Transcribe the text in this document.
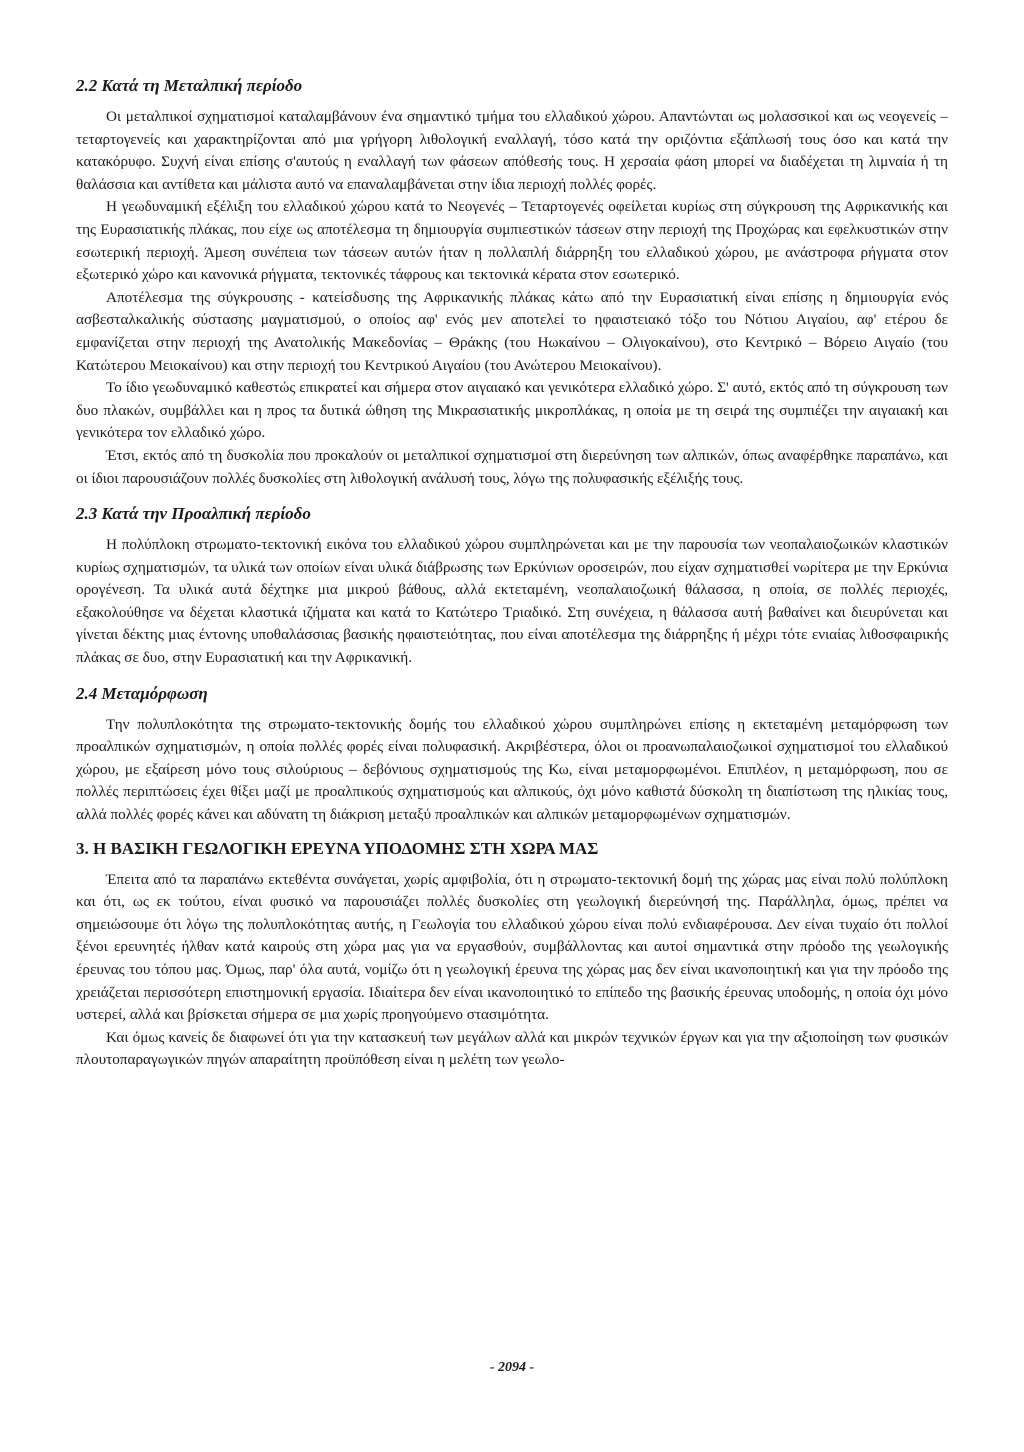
2.2 Κατά τη Μεταλπική περίοδο

Οι μεταλπικοί σχηματισμοί καταλαμβάνουν ένα σημαντικό τμήμα του ελλαδικού χώρου. Απαντώνται ως μολασσικοί και ως νεογενείς – τεταρτογενείς και χαρακτηρίζονται από μια γρήγορη λιθολογική εναλλαγή, τόσο κατά την οριζόντια εξάπλωσή τους όσο και κατά την κατακόρυφο. Συχνή είναι επίσης σ'αυτούς η εναλλαγή των φάσεων απόθεσής τους. Η χερσαία φάση μπορεί να διαδέχεται τη λιμναία ή τη θαλάσσια και αντίθετα και μάλιστα αυτό να επαναλαμβάνεται στην ίδια περιοχή πολλές φορές.

Η γεωδυναμική εξέλιξη του ελλαδικού χώρου κατά το Νεογενές – Τεταρτογενές οφείλεται κυρίως στη σύγκρουση της Αφρικανικής και της Ευρασιατικής πλάκας, που είχε ως αποτέλεσμα τη δημιουργία συμπιεστικών τάσεων στην περιοχή της Προχώρας και εφελκυστικών στην εσωτερική περιοχή. Άμεση συνέπεια των τάσεων αυτών ήταν η πολλαπλή διάρρηξη του ελλαδικού χώρου, με ανάστροφα ρήγματα στον εξωτερικό χώρο και κανονικά ρήγματα, τεκτονικές τάφρους και τεκτονικά κέρατα στον εσωτερικό.

Αποτέλεσμα της σύγκρουσης - κατείσδυσης της Αφρικανικής πλάκας κάτω από την Ευρασιατική είναι επίσης η δημιουργία ενός ασβεσταλκαλικής σύστασης μαγματισμού, ο οποίος αφ' ενός μεν αποτελεί το ηφαιστειακό τόξο του Νότιου Αιγαίου, αφ' ετέρου δε εμφανίζεται στην περιοχή της Ανατολικής Μακεδονίας – Θράκης (του Ηωκαίνου – Ολιγοκαίνου), στο Κεντρικό – Βόρειο Αιγαίο (του Κατώτερου Μειοκαίνου) και στην περιοχή του Κεντρικού Αιγαίου (του Ανώτερου Μειοκαίνου).

Το ίδιο γεωδυναμικό καθεστώς επικρατεί και σήμερα στον αιγαιακό και γενικότερα ελλαδικό χώρο. Σ' αυτό, εκτός από τη σύγκρουση των δυο πλακών, συμβάλλει και η προς τα δυτικά ώθηση της Μικρασιατικής μικροπλάκας, η οποία με τη σειρά της συμπιέζει την αιγαιακή και γενικότερα τον ελλαδικό χώρο.

Έτσι, εκτός από τη δυσκολία που προκαλούν οι μεταλπικοί σχηματισμοί στη διερεύνηση των αλπικών, όπως αναφέρθηκε παραπάνω, και οι ίδιοι παρουσιάζουν πολλές δυσκολίες στη λιθολογική ανάλυσή τους, λόγω της πολυφασικής εξέλιξής τους.

2.3 Κατά την Προαλπική περίοδο

Η πολύπλοκη στρωματο-τεκτονική εικόνα του ελλαδικού χώρου συμπληρώνεται και με την παρουσία των νεοπαλαιοζωικών κλαστικών κυρίως σχηματισμών, τα υλικά των οποίων είναι υλικά διάβρωσης των Ερκύνιων οροσειρών, που είχαν σχηματισθεί νωρίτερα με την Ερκύνια ορογένεση. Τα υλικά αυτά δέχτηκε μια μικρού βάθους, αλλά εκτεταμένη, νεοπαλαιοζωική θάλασσα, η οποία, σε πολλές περιοχές, εξακολούθησε να δέχεται κλαστικά ιζήματα και κατά το Κατώτερο Τριαδικό. Στη συνέχεια, η θάλασσα αυτή βαθαίνει και διευρύνεται και γίνεται δέκτης μιας έντονης υποθαλάσσιας βασικής ηφαιστειότητας, που είναι αποτέλεσμα της διάρρηξης ή μέχρι τότε ενιαίας λιθοσφαιρικής πλάκας σε δυο, στην Ευρασιατική και την Αφρικανική.

2.4 Μεταμόρφωση

Την πολυπλοκότητα της στρωματο-τεκτονικής δομής του ελλαδικού χώρου συμπληρώνει επίσης η εκτεταμένη μεταμόρφωση των προαλπικών σχηματισμών, η οποία πολλές φορές είναι πολυφασική. Ακριβέστερα, όλοι οι προανωπαλαιοζωικοί σχηματισμοί του ελλαδικού χώρου, με εξαίρεση μόνο τους σιλούριους – δεβόνιους σχηματισμούς της Κω, είναι μεταμορφωμένοι. Επιπλέον, η μεταμόρφωση, που σε πολλές περιπτώσεις έχει θίξει μαζί με προαλπικούς σχηματισμούς και αλπικούς, όχι μόνο καθιστά δύσκολη τη διαπίστωση της ηλικίας τους, αλλά πολλές φορές κάνει και αδύνατη τη διάκριση μεταξύ προαλπικών και αλπικών μεταμορφωμένων σχηματισμών.

3. Η ΒΑΣΙΚΗ ΓΕΩΛΟΓΙΚΗ ΕΡΕΥΝΑ ΥΠΟΔΟΜΗΣ ΣΤΗ ΧΩΡΑ ΜΑΣ

Έπειτα από τα παραπάνω εκτεθέντα συνάγεται, χωρίς αμφιβολία, ότι η στρωματο-τεκτονική δομή της χώρας μας είναι πολύ πολύπλοκη και ότι, ως εκ τούτου, είναι φυσικό να παρουσιάζει πολλές δυσκολίες στη γεωλογική διερεύνησή της. Παράλληλα, όμως, πρέπει να σημειώσουμε ότι λόγω της πολυπλοκότητας αυτής, η Γεωλογία του ελλαδικού χώρου είναι πολύ ενδιαφέρουσα. Δεν είναι τυχαίο ότι πολλοί ξένοι ερευνητές ήλθαν κατά καιρούς στη χώρα μας για να εργασθούν, συμβάλλοντας και αυτοί σημαντικά στην πρόοδο της γεωλογικής έρευνας του τόπου μας. Όμως, παρ' όλα αυτά, νομίζω ότι η γεωλογική έρευνα της χώρας μας δεν είναι ικανοποιητική και για την πρόοδο της χρειάζεται περισσότερη επιστημονική εργασία. Ιδιαίτερα δεν είναι ικανοποιητικό το επίπεδο της βασικής έρευνας υποδομής, η οποία όχι μόνο υστερεί, αλλά και βρίσκεται σήμερα σε μια χωρίς προηγούμενο στασιμότητα.

Και όμως κανείς δε διαφωνεί ότι για την κατασκευή των μεγάλων αλλά και μικρών τεχνικών έργων και για την αξιοποίηση των φυσικών πλουτοπαραγωγικών πηγών απαραίτητη προϋπόθεση είναι η μελέτη των γεωλο-

- 2094 -
